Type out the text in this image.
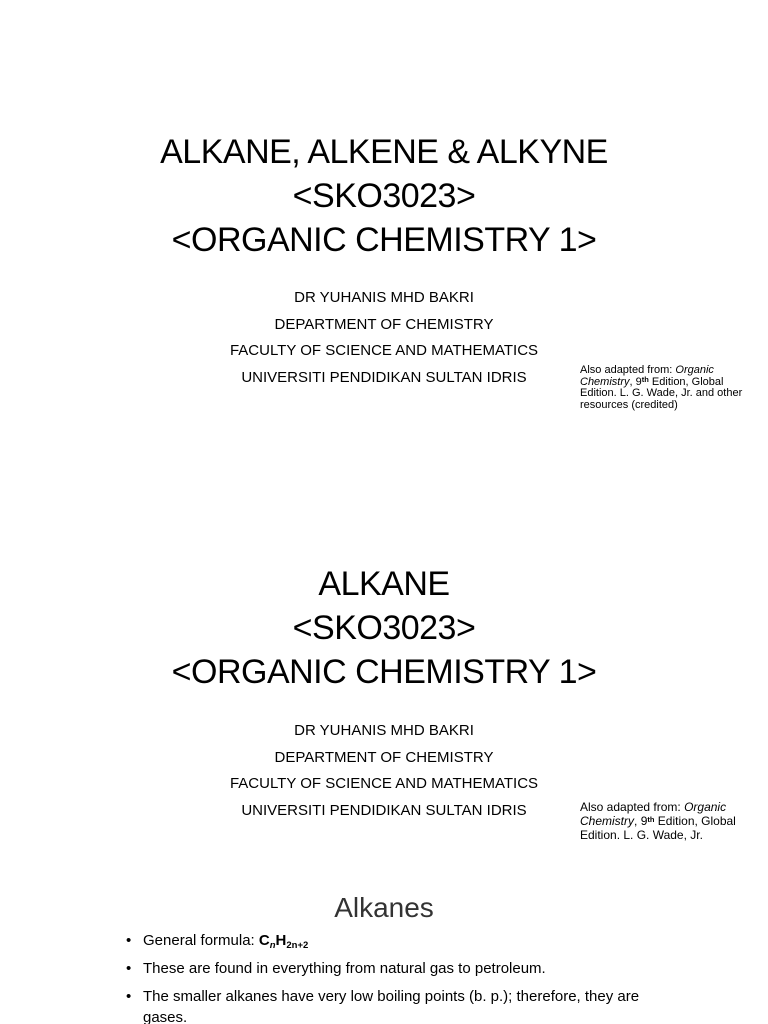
ALKANE, ALKENE & ALKYNE
<SKO3023>
<ORGANIC CHEMISTRY 1>
DR YUHANIS MHD BAKRI
DEPARTMENT OF CHEMISTRY
FACULTY OF SCIENCE AND MATHEMATICS
UNIVERSITI PENDIDIKAN SULTAN IDRIS	Also adapted from: Organic Chemistry, 9th Edition, Global Edition. L. G. Wade, Jr. and other resources (credited)
ALKANE
<SKO3023>
<ORGANIC CHEMISTRY 1>
DR YUHANIS MHD BAKRI
DEPARTMENT OF CHEMISTRY
FACULTY OF SCIENCE AND MATHEMATICS
UNIVERSITI PENDIDIKAN SULTAN IDRIS	Also adapted from: Organic Chemistry, 9th Edition, Global Edition. L. G. Wade, Jr.
Alkanes
• General formula: $C_nH_{2n+2}$
• These are found in everything from natural gas to petroleum.
• The smaller alkanes have very low boiling points (b. p.); therefore, they are gases.
